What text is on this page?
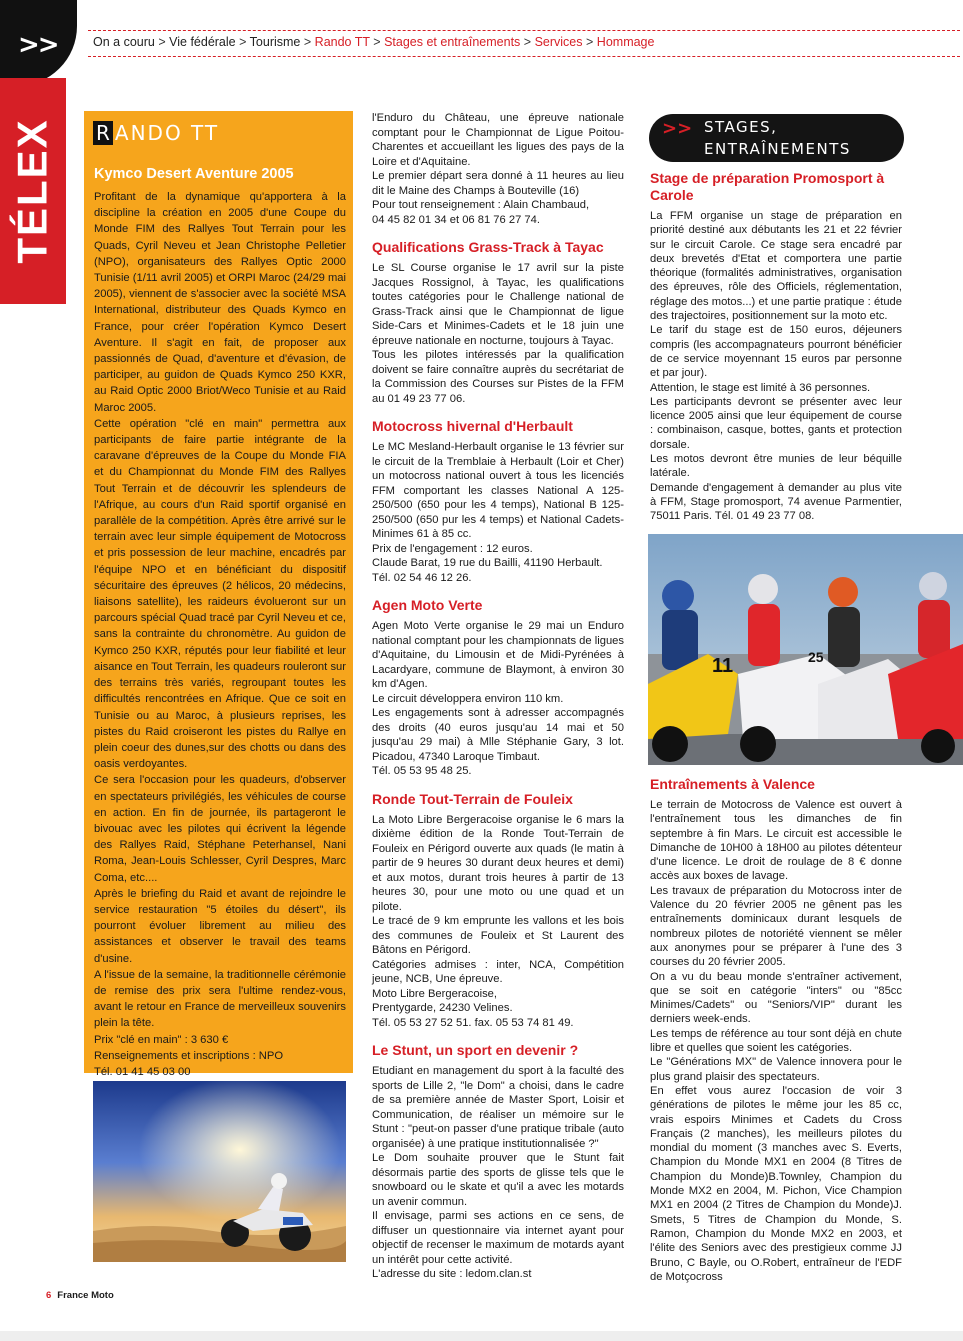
>>
TÉLEX
On a couru > Vie fédérale > Tourisme > Rando TT > Stages et entraînements > Services > Hommage
R ANDO TT
Kymco Desert Aventure 2005

Profitant de la dynamique qu'apportera à la discipline la création en 2005 d'une Coupe du Monde FIM des Rallyes Tout Terrain pour les Quads, Cyril Neveu et Jean Christophe Pelletier (NPO), organisateurs des Rallyes Optic 2000 Tunisie (1/11 avril 2005) et ORPI Maroc (24/29 mai 2005), viennent de s'associer avec la société MSA International, distributeur des Quads Kymco en France, pour créer l'opération Kymco Desert Aventure. Il s'agit en fait, de proposer aux passionnés de Quad, d'aventure et d'évasion, de participer, au guidon de Quads Kymco 250 KXR, au Raid Optic 2000 Briot/Weco Tunisie et au Raid Maroc 2005.

Cette opération "clé en main" permettra aux participants de faire partie intégrante de la caravane d'épreuves de la Coupe du Monde FIA et du Championnat du Monde FIM des Rallyes Tout Terrain et de découvrir les splendeurs de l'Afrique, au cours d'un Raid sportif organisé en parallèle de la compétition. Après être arrivé sur le terrain avec leur simple équipement de Motocross et pris possession de leur machine, encadrés par l'équipe NPO et en bénéficiant du dispositif sécuritaire des épreuves (2 hélicos, 20 médecins, liaisons satellite), les raideurs évolueront sur un parcours spécial Quad tracé par Cyril Neveu et ce, sans la contrainte du chronomètre. Au guidon de Kymco 250 KXR, réputés pour leur fiabilité et leur aisance en Tout Terrain, les quadeurs rouleront sur des terrains très variés, regroupant toutes les difficultés rencontrées en Afrique. Que ce soit en Tunisie ou au Maroc, à plusieurs reprises, les pistes du Raid croiseront les pistes du Rallye en plein coeur des dunes,sur des chotts ou dans des oasis verdoyantes.

Ce sera l'occasion pour les quadeurs, d'observer en spectateurs privilégiés, les véhicules de course en action. En fin de journée, ils partageront le bivouac avec les pilotes qui écrivent la légende des Rallyes Raid, Stéphane Peterhansel, Nani Roma, Jean-Louis Schlesser, Cyril Despres, Marc Coma, etc....

Après le briefing du Raid et avant de rejoindre le service restauration "5 étoiles du désert", ils pourront évoluer librement au milieu des assistances et observer le travail des teams d'usine.

A l'issue de la semaine, la traditionnelle cérémonie de remise des prix sera l'ultime rendez-vous, avant le retour en France de merveilleux souvenirs plein la tête.

Prix "clé en main" : 3 630 €

Renseignements et inscriptions : NPO

Tél. 01 41 45 03 00

l'Enduro du Château, une épreuve nationale comptant pour le Championnat de Ligue Poitou-Charentes et accueillant les ligues des pays de la Loire et d'Aquitaine.

Le premier départ sera donné à 11 heures au lieu dit le Maine des Champs à Bouteville (16)

Pour tout renseignement : Alain Chambaud,

04 45 82 01 34 et 06 81 76 27 74.

Qualifications Grass-Track à Tayac

Le SL Course organise le 17 avril sur la piste Jacques Rossignol, à Tayac, les qualifications toutes catégories pour le Challenge national de Grass-Track ainsi que le Championnat de ligue Side-Cars et Minimes-Cadets et le 18 juin une épreuve nationale en nocturne, toujours à Tayac.

Tous les pilotes intéressés par la qualification doivent se faire connaître auprès du secrétariat de la Commission des Courses sur Pistes de la FFM au 01 49 23 77 06.

Motocross hivernal d'Herbault

Le MC Mesland-Herbault organise le 13 février sur le circuit de la Tremblaie à Herbault (Loir et Cher) un motocross national ouvert à tous les licenciés FFM comportant les classes National A 125-250/500 (650 pour les 4 temps), National B 125-250/500 (650 pur les 4 temps) et National Cadets-Minimes 61 à 85 cc.

Prix de l'engagement : 12 euros.

Claude Barat, 19 rue du Bailli, 41190 Herbault.

Tél. 02 54 46 12 26.

Agen Moto Verte

Agen Moto Verte organise le 29 mai un Enduro national comptant pour les championnats de ligues d'Aquitaine, du Limousin et de Midi-Pyrénées à Lacardyare, commune de Blaymont, à environ 30 km d'Agen.

Le circuit développera environ 110 km.

Les engagements sont à adresser accompagnés des droits (40 euros jusqu'au 14 mai et 50 jusqu'au 29 mai) à Mlle Stéphanie Gary, 3 lot. Picadou, 47340 Laroque Timbaut.

Tél. 05 53 95 48 25.

Ronde Tout-Terrain de Fouleix

La Moto Libre Bergeracoise organise le 6 mars la dixième édition de la Ronde Tout-Terrain de Fouleix en Périgord ouverte aux quads (le matin à partir de 9 heures 30 durant deux heures et demi) et aux motos, durant trois heures à partir de 13 heures 30, pour une moto ou une quad et un pilote.

Le tracé de 9 km emprunte les vallons et les bois des communes de Fouleix et St Laurent des Bâtons en Périgord.

Catégories admises : inter, NCA, Compétition jeune, NCB, Une épreuve.

Moto Libre Bergeracoise,

Prentygarde, 24230 Velines.

Tél. 05 53 27 52 51. fax. 05 53 74 81 49.

Le Stunt, un sport en devenir ?

Etudiant en management du sport à la faculté des sports de Lille 2, "le Dom" a choisi, dans le cadre de sa première année de Master Sport, Loisir et Communication, de réaliser un mémoire sur le Stunt : "peut-on passer d'une pratique tribale (auto organisée) à une pratique institutionnalisée ?"

Le Dom souhaite prouver que le Stunt fait désormais partie des sports de glisse tels que le snowboard ou le skate et qu'il a avec les motards un avenir commun.

Il envisage, parmi ses actions en ce sens, de diffuser un questionnaire via internet ayant pour objectif de recenser le maximum de motards ayant un intérêt pour cette activité.

L'adresse du site : ledom.clan.st

>> STAGES,
ENTRAÎNEMENTS
Stage de préparation Promosport à Carole

La FFM organise un stage de préparation en priorité destiné aux débutants les 21 et 22 février sur le circuit Carole. Ce stage sera encadré par deux brevetés d'Etat et comportera une partie théorique (formalités administratives, organisation des épreuves, rôle des Officiels, réglementation, réglage des motos...) et une partie pratique : étude des trajectoires, positionnement sur la moto etc.

Le tarif du stage est de 150 euros, déjeuners compris (les accompagnateurs pourront bénéficier de ce service moyennant 15 euros par personne et par jour).

Attention, le stage est limité à 36 personnes.

Les participants devront se présenter avec leur licence 2005 ainsi que leur équipement de course : combinaison, casque, bottes, gants et protection dorsale.

Les motos devront être munies de leur béquille latérale.

Demande d'engagement à demander au plus vite à FFM, Stage promosport, 74 avenue Parmentier, 75011 Paris. Tél. 01 49 23 77 08.

11	25
Entraînements à Valence

Le terrain de Motocross de Valence est ouvert à l'entraînement tous les dimanches de fin septembre à fin Mars. Le circuit est accessible le Dimanche de 10H00 à 18H00 au pilotes détenteur d'une licence. Le droit de roulage de 8 € donne accès aux boxes de lavage.

Les travaux de préparation du Motocross inter de Valence du 20 février 2005 ne gênent pas les entraînements dominicaux durant lesquels de nombreux pilotes de notoriété viennent se mêler aux anonymes pour se préparer à l'une des 3 courses du 20 février 2005.

On a vu du beau monde s'entraîner activement, que se soit en catégorie "inters" ou "85cc Minimes/Cadets" ou "Seniors/VIP" durant les derniers week-ends.

Les temps de référence au tour sont déjà en chute libre et quelles que soient les catégories.

Le "Générations MX" de Valence innovera pour le plus grand plaisir des spectateurs.

En effet vous aurez l'occasion de voir 3 générations de pilotes le même jour les 85 cc, vrais espoirs Minimes et Cadets du Cross Français (2 manches), les meilleurs pilotes du mondial du moment (3 manches avec S. Everts, Champion du Monde MX1 en 2004 (8 Titres de Champion du Monde)B.Townley, Champion du Monde MX2 en 2004, M. Pichon, Vice Champion MX1 en 2004 (2 Titres de Champion du Monde)J. Smets, 5 Titres de Champion du Monde, S. Ramon, Champion du Monde MX2 en 2003, et l'élite des Seniors avec des prestigieux comme JJ Bruno, C Bayle, ou O.Robert, entraîneur de l'EDF de Motçocross

6 France Moto
